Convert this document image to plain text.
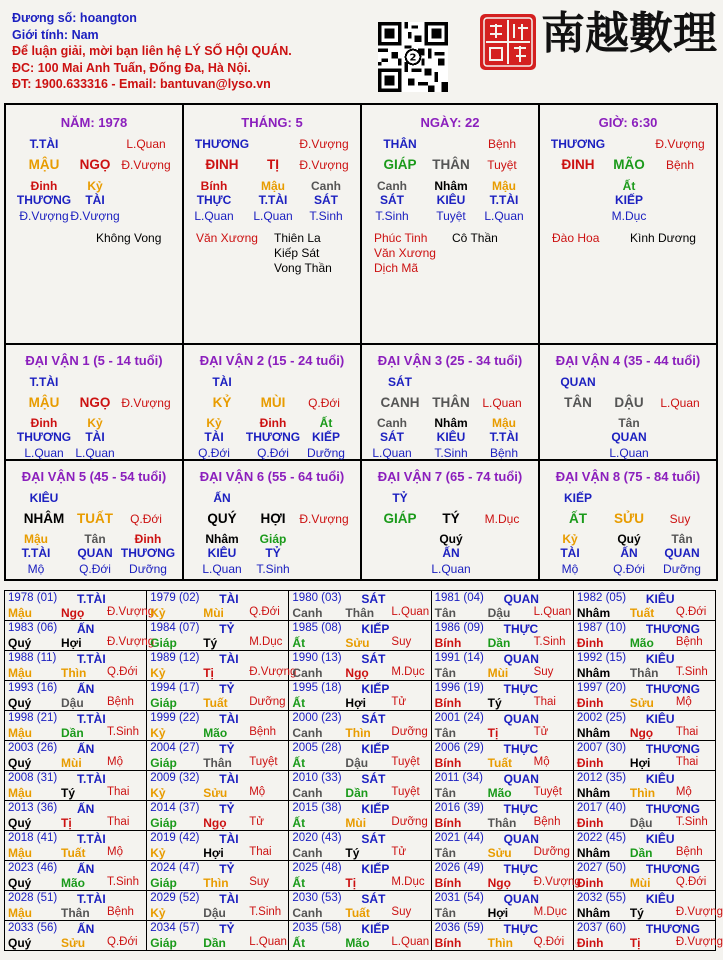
Đương số: hoangton
Giới tính: Nam
Để luận giải, mời bạn liên hệ LÝ SỐ HỘI QUÁN.
ĐC: 100 Mai Anh Tuấn, Đống Đa, Hà Nội.
ĐT: 1900.633316 - Email: bantuvan@lyso.vn
2	南越數理
NĂM: 1978
T.TÀI	L.Quan
MẬU	NGỌ Đ.Vượng
Đinh
THƯƠNG
Đ.Vượng
Kỷ
TÀI
Đ.Vượng
Không Vong
THÁNG: 5
THƯƠNG	Đ.Vượng
ĐINH	TỊ	Đ.Vượng
Bính
THỰC
L.Quan
Mậu
T.TÀI
L.Quan
Canh
SÁT
T.Sinh
Văn Xương Thiên La
Kiếp Sát
Vong Thần
NGÀY: 22
THÂN	Bệnh
GIÁP	THÂN	Tuyệt
Canh
SÁT
T.Sinh
Nhâm
KIÊU
Tuyệt
Mậu
T.TÀI
L.Quan
Phúc Tinh
Văn Xương
Dịch Mã
Cô Thần
GIỜ: 6:30
THƯƠNG	Đ.Vượng
ĐINH	MÃO	Bệnh
Ất
KIẾP
M.Dục
Đào Hoa	Kình Dương
ĐẠI VẬN 1 (5 - 14 tuổi)
T.TÀI
MẬU	NGỌ Đ.Vượng
Đinh
THƯƠNG
L.Quan
Kỷ
TÀI
L.Quan
ĐẠI VẬN 2 (15 - 24 tuổi)
TÀI
KỶ	MÙI	Q.Đới
Kỷ
TÀI
Q.Đới
Đinh
THƯƠNG
Q.Đới
Ất
KIẾP
Dưỡng
ĐẠI VẬN 3 (25 - 34 tuổi)
SÁT
CANH THÂN	L.Quan
Canh
SÁT
L.Quan
Nhâm
KIÊU
T.Sinh
Mậu
T.TÀI
Bệnh
ĐẠI VẬN 4 (35 - 44 tuổi)
QUAN
TÂN	DẬU	L.Quan
Tân
QUAN
L.Quan
ĐẠI VẬN 5 (45 - 54 tuổi)
KIÊU
NHÂM TUẤT	Q.Đới
Mậu
T.TÀI
Mộ
Tân
QUAN
Q.Đới
Đinh
THƯƠNG
Dưỡng
ĐẠI VẬN 6 (55 - 64 tuổi)
ẤN
QUÝ	HỢI	Đ.Vượng
Nhâm
KIÊU
L.Quan
Giáp
TỶ
T.Sinh
ĐẠI VẬN 7 (65 - 74 tuổi)
TỶ
GIÁP	TÝ	M.Dục
Quý
ẤN
L.Quan
ĐẠI VẬN 8 (75 - 84 tuổi)
KIẾP
ẤT	SỬU	Suy
Kỷ
TÀI
Mộ
Quý
ẤN
Q.Đới
Tân
QUAN
Dưỡng
1978 (01) T.TÀI
Mậu Ngọ Đ.Vượng
1979 (02) TÀI
Kỷ	Mùi Q.Đới
1980 (03) SÁT
Canh Thân L.Quan
1981 (04) QUAN
Tân	Dậu L.Quan
1982 (05) KIÊU
Nhâm Tuất Q.Đới
1983 (06) ẤN
Quý Hợi Đ.Vượng
1984 (07) TỶ
Giáp Tý	M.Dục
1985 (08) KIẾP
Ất	Sửu Suy
1986 (09) THỰC
Bính Dần T.Sinh
1987 (10) THƯƠNG
Đinh Mão Bệnh
1988 (11) T.TÀI
Mậu Thìn Q.Đới
1989 (12) TÀI
Kỷ	Tị	Đ.Vượng
1990 (13) SÁT
Canh Ngọ M.Dục
1991 (14) QUAN
Tân	Mùi Suy
1992 (15) KIÊU
Nhâm Thân T.Sinh
1993 (16) ẤN
Quý Dậu Bệnh
1994 (17) TỶ
Giáp Tuất Dưỡng
1995 (18) KIẾP
Ất	Hợi Tử
1996 (19) THỰC
Bính Tý	Thai
1997 (20) THƯƠNG
Đinh Sửu Mộ
1998 (21) T.TÀI
Mậu Dần T.Sinh
1999 (22) TÀI
Kỷ	Mão Bệnh
2000 (23) SÁT
Canh Thìn Dưỡng
2001 (24) QUAN
Tân	Tị	Tử
2002 (25) KIÊU
Nhâm Ngọ Thai
2003 (26) ẤN
Quý Mùi Mộ
2004 (27) TỶ
Giáp Thân Tuyệt
2005 (28) KIẾP
Ất	Dậu Tuyệt
2006 (29) THỰC
Bính Tuất Mộ
2007 (30) THƯƠNG
Đinh Hợi Thai
2008 (31) T.TÀI
Mậu Tý	Thai
2009 (32) TÀI
Kỷ	Sửu Mộ
2010 (33) SÁT
Canh Dần Tuyệt
2011 (34) QUAN
Tân	Mão Tuyệt
2012 (35) KIÊU
Nhâm Thìn Mộ
2013 (36) ẤN
Quý Tị	Thai
2014 (37) TỶ
Giáp Ngọ Tử
2015 (38) KIẾP
Ất	Mùi Dưỡng
2016 (39) THỰC
Bính Thân Bệnh
2017 (40) THƯƠNG
Đinh Dậu T.Sinh
2018 (41) T.TÀI
Mậu Tuất Mộ
2019 (42) TÀI
Kỷ	Hợi Thai
2020 (43) SÁT
Canh Tý	Tử
2021 (44) QUAN
Tân	Sửu Dưỡng
2022 (45) KIÊU
Nhâm Dần Bệnh
2023 (46) ẤN
Quý Mão T.Sinh
2024 (47) TỶ
Giáp Thìn Suy
2025 (48) KIẾP
Ất	Tị	M.Dục
2026 (49) THỰC
Bính Ngọ Đ.Vượng
2027 (50) THƯƠNG
Đinh Mùi Q.Đới
2028 (51) T.TÀI
Mậu Thân Bệnh
2029 (52) TÀI
Kỷ	Dậu T.Sinh
2030 (53) SÁT
Canh Tuất Suy
2031 (54) QUAN
Tân	Hợi M.Dục
2032 (55) KIÊU
Nhâm Tý	Đ.Vượng
2033 (56) ẤN
Quý Sửu Q.Đới
2034 (57) TỶ
Giáp Dần L.Quan
2035 (58) KIẾP
Ất	Mão L.Quan
2036 (59) THỰC
Bính Thìn Q.Đới
2037 (60) THƯƠNG
Đinh Tị	Đ.Vượng
